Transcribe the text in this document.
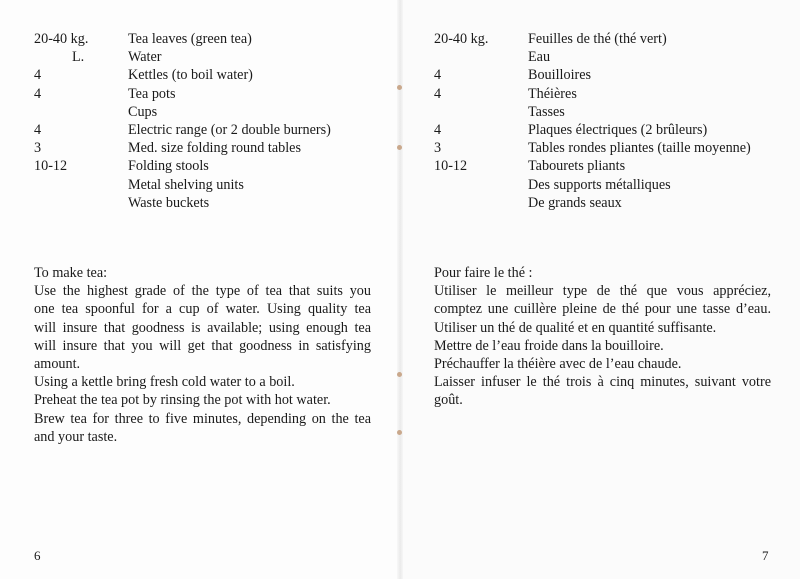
20-40 kg.	Tea leaves (green tea)
L.	Water
4	Kettles (to boil water)
4	Tea pots
Cups
4	Electric range (or 2 double burners)
3	Med. size folding round tables
10-12	Folding stools
Metal shelving units
Waste buckets

To make tea:

Use the highest grade of the type of tea that suits you

one tea spoonful for a cup of water. Using quality tea

will insure that goodness is available; using enough tea

will insure that you will get that goodness in satisfying

amount.

Using a kettle bring fresh cold water to a boil.

Preheat the tea pot by rinsing the pot with hot water.

Brew tea for three to five minutes, depending on the tea

and your taste.

6
20-40 kg.	Feuilles de thé (thé vert)
Eau
4	Bouilloires
4	Théières
Tasses
4	Plaques électriques (2 brûleurs)
3	Tables rondes pliantes (taille moyenne)
10-12	Tabourets pliants
Des supports métalliques
De grands seaux

Pour faire le thé :

Utiliser le meilleur type de thé que vous appréciez,

comptez une cuillère pleine de thé pour une tasse d’eau.

Utiliser un thé de qualité et en quantité suffisante.

Mettre de l’eau froide dans la bouilloire.

Préchauffer la théière avec de l’eau chaude.

Laisser infuser le thé trois à cinq minutes, suivant votre

goût.

7
